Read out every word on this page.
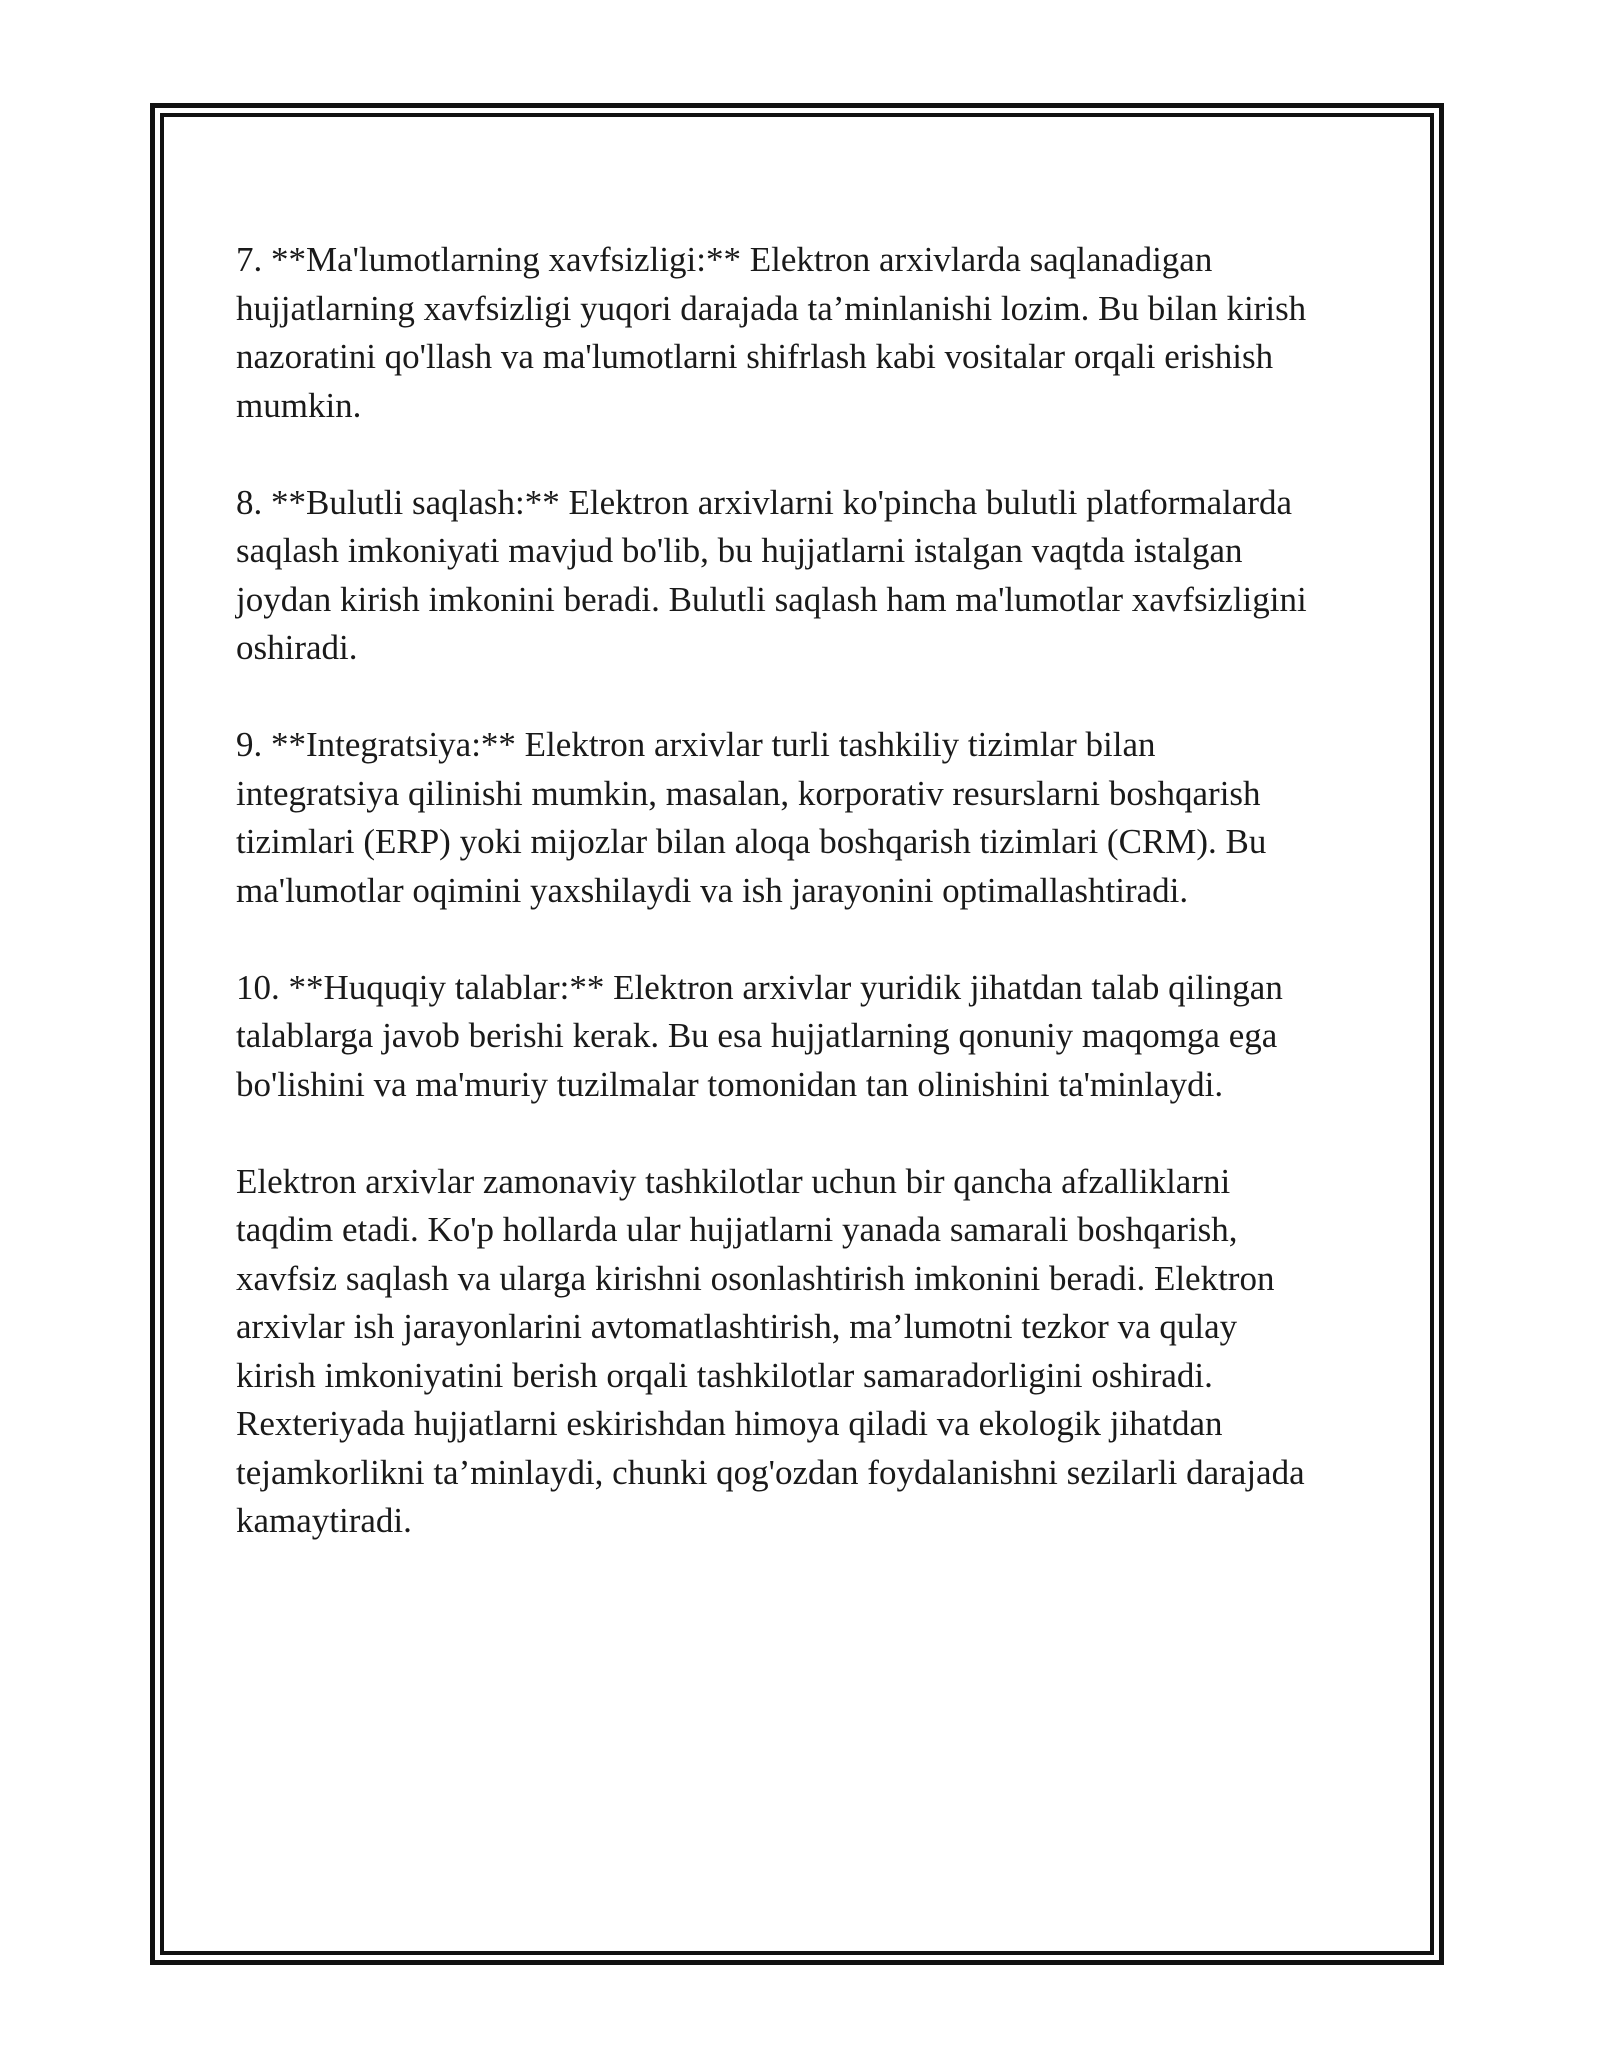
7. **Ma'lumotlarning xavfsizligi:** Elektron arxivlarda saqlanadigan
hujjatlarning xavfsizligi yuqori darajada ta’minlanishi lozim. Bu bilan kirish
nazoratini qo'llash va ma'lumotlarni shifrlash kabi vositalar orqali erishish
mumkin.

8. **Bulutli saqlash:** Elektron arxivlarni ko'pincha bulutli platformalarda
saqlash imkoniyati mavjud bo'lib, bu hujjatlarni istalgan vaqtda istalgan
joydan kirish imkonini beradi. Bulutli saqlash ham ma'lumotlar xavfsizligini
oshiradi.

9. **Integratsiya:** Elektron arxivlar turli tashkiliy tizimlar bilan
integratsiya qilinishi mumkin, masalan, korporativ resurslarni boshqarish
tizimlari (ERP) yoki mijozlar bilan aloqa boshqarish tizimlari (CRM). Bu
ma'lumotlar oqimini yaxshilaydi va ish jarayonini optimallashtiradi.

10. **Huquqiy talablar:** Elektron arxivlar yuridik jihatdan talab qilingan
talablarga javob berishi kerak. Bu esa hujjatlarning qonuniy maqomga ega
bo'lishini va ma'muriy tuzilmalar tomonidan tan olinishini ta'minlaydi.

Elektron arxivlar zamonaviy tashkilotlar uchun bir qancha afzalliklarni
taqdim etadi. Ko'p hollarda ular hujjatlarni yanada samarali boshqarish,
xavfsiz saqlash va ularga kirishni osonlashtirish imkonini beradi. Elektron
arxivlar ish jarayonlarini avtomatlashtirish, ma’lumotni tezkor va qulay
kirish imkoniyatini berish orqali tashkilotlar samaradorligini oshiradi.
Rexteriyada hujjatlarni eskirishdan himoya qiladi va ekologik jihatdan
tejamkorlikni ta’minlaydi, chunki qog'ozdan foydalanishni sezilarli darajada
kamaytiradi.
